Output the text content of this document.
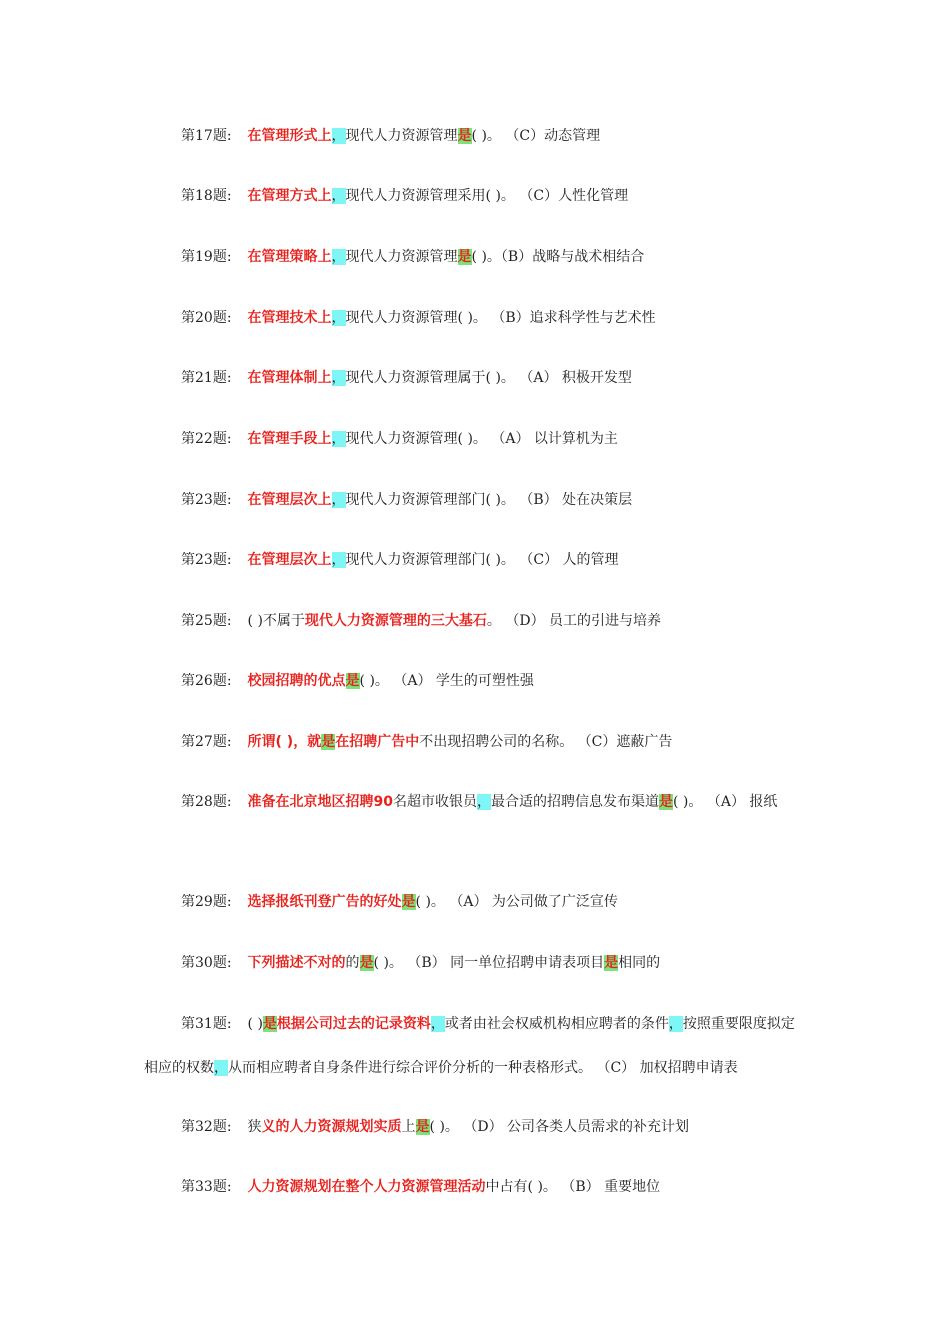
第17题: 在管理形式上，现代人力资源管理是( )。 （C）动态管理

第18题: 在管理方式上，现代人力资源管理采用( )。 （C）人性化管理

第19题: 在管理策略上，现代人力资源管理是( )。（B）战略与战术相结合

第20题: 在管理技术上，现代人力资源管理( )。 （B）追求科学性与艺术性

第21题: 在管理体制上，现代人力资源管理属于( )。 （A） 积极开发型

第22题: 在管理手段上，现代人力资源管理( )。 （A） 以计算机为主

第23题: 在管理层次上，现代人力资源管理部门( )。 （B） 处在决策层

第23题: 在管理层次上，现代人力资源管理部门( )。 （C） 人的管理

第25题: ( )不属于现代人力资源管理的三大基石。 （D） 员工的引进与培养

第26题: 校园招聘的优点是( )。 （A） 学生的可塑性强

第27题: 所谓( )，就是在招聘广告中不出现招聘公司的名称。 （C）遮蔽广告

第28题: 准备在北京地区招聘90名超市收银员，最合适的招聘信息发布渠道是( )。 （A） 报纸

第29题: 选择报纸刊登广告的好处是( )。 （A） 为公司做了广泛宣传

第30题: 下列描述不对的的是( )。 （B） 同一单位招聘申请表项目是相同的

第31题: ( )是根据公司过去的记录资料，或者由社会权威机构相应聘者的条件，按照重要限度拟定相应的权数，从而相应聘者自身条件进行综合评价分析的一种表格形式。 （C） 加权招聘申请表

第32题: 狭义的人力资源规划实质上是( )。 （D） 公司各类人员需求的补充计划

第33题: 人力资源规划在整个人力资源管理活动中占有( )。 （B） 重要地位
